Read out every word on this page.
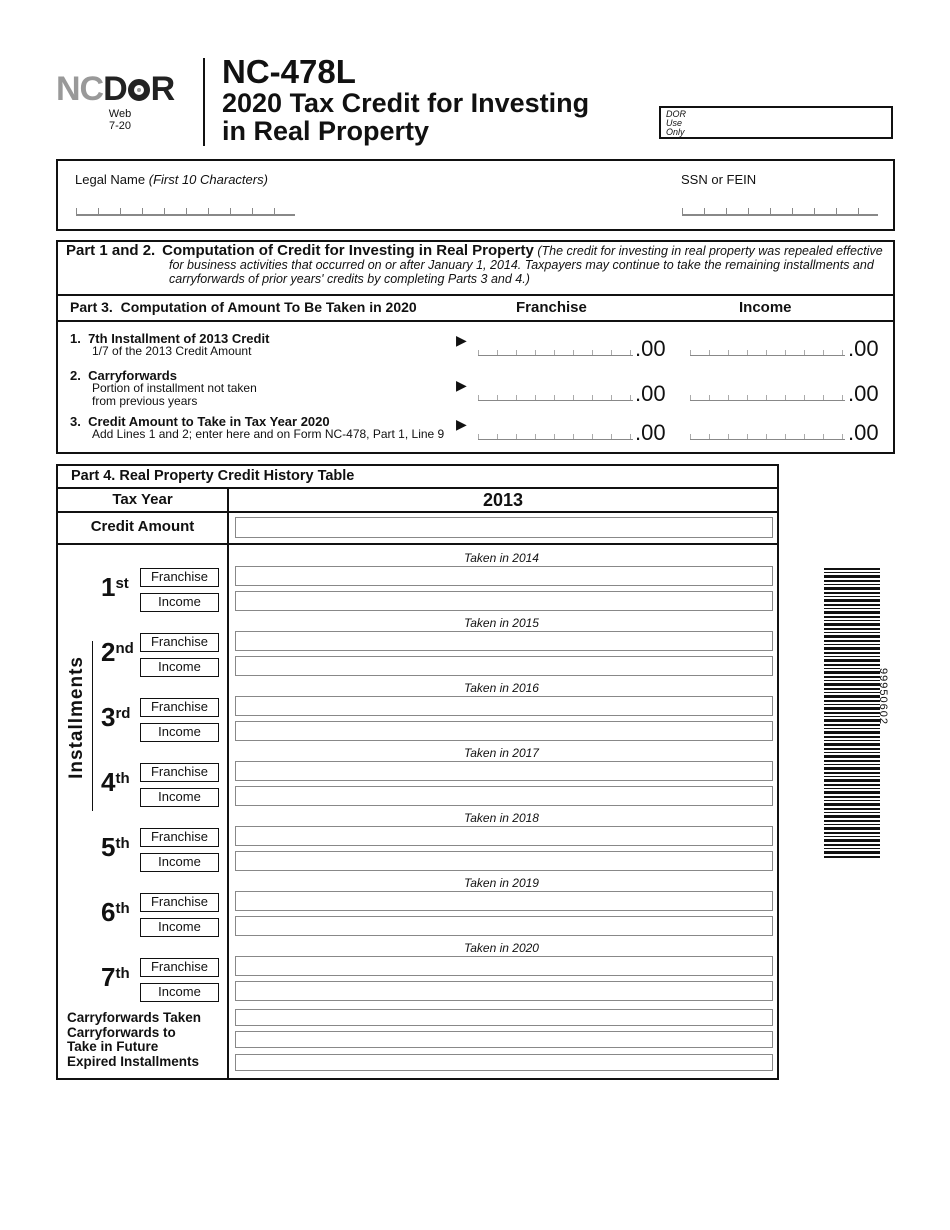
NCD R
Web
7-20
NC-478L
2020 Tax Credit for Investing
in Real Property
DOR
Use
Only
Legal Name (First 10 Characters)	SSN or FEIN
Part 1 and 2. Computation of Credit for Investing in Real Property (The credit for investing in real property was repealed effective
for business activities that occurred on or after January 1, 2014. Taxpayers may continue to take the remaining installments and
carryforwards of prior years' credits by completing Parts 3 and 4.)
Part 3. Computation of Amount To Be Taken in 2020	Franchise	Income
1. 7th Installment of 2013 Credit
1/7 of the 2013 Credit Amount
▶	.00	.00
2. Carryforwards
Portion of installment not taken
from previous years
▶	.00	.00
3. Credit Amount to Take in Tax Year 2020
Add Lines 1 and 2; enter here and on Form NC-478, Part 1, Line 9
▶	.00	.00
Part 4. Real Property Credit History Table
Tax Year	2013
Credit Amount
Installments
Taken in 2014
1st	Franchise
Income
Taken in 2015
2nd	Franchise
Income
Taken in 2016
3rd	Franchise
Income
Taken in 2017
4th	Franchise
Income
Taken in 2018
5th	Franchise
Income
Taken in 2019
6th	Franchise
Income
Taken in 2020
7th	Franchise
Income
Carryforwards Taken
Carryforwards to
Take in Future
Expired Installments
99950602
